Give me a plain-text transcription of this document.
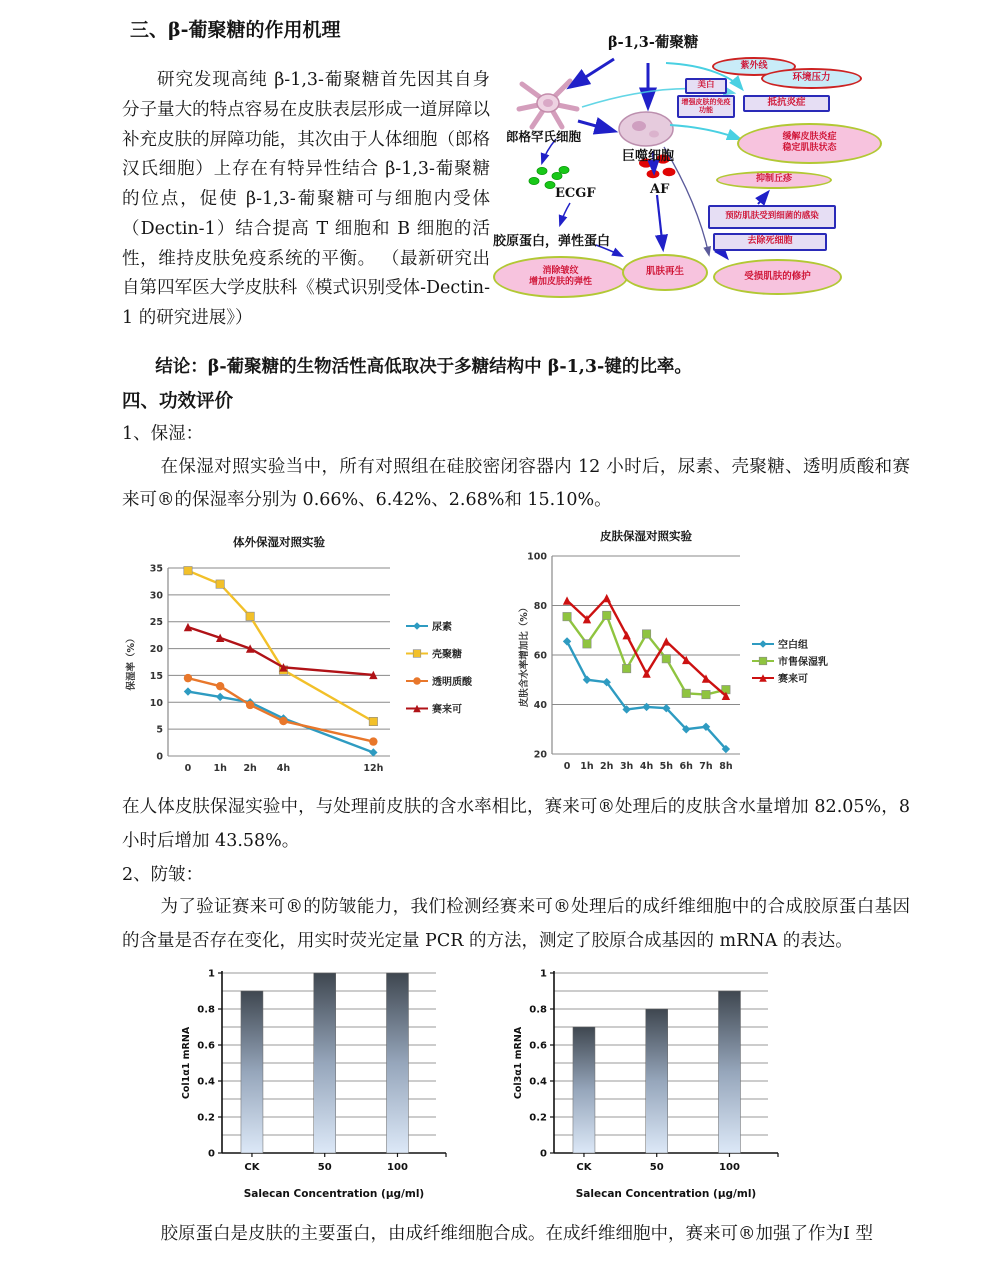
三、β-葡聚糖的作用机理

研究发现高纯 β-1,3-葡聚糖首先因其自身分子量大的特点容易在皮肤表层形成一道屏障以补充皮肤的屏障功能，其次由于人体细胞（郎格汉氏细胞）上存在有特异性结合 β-1,3-葡聚糖的位点，促使 β-1,3-葡聚糖可与细胞内受体（Dectin-1）结合提高 T 细胞和 B 细胞的活性，维持皮肤免疫系统的平衡。 （最新研究出自第四军医大学皮肤科《模式识别受体-Dectin-1 的研究进展》）

β-1,3-葡聚糖
郎格罕氏细胞
巨噬细胞
ECGF	AF
胶原蛋白，弹性蛋白
美白
增强皮肤的免疫功能
紫外线
环境压力
抵抗炎症
缓解皮肤炎症
稳定肌肤状态
抑制丘疹
预防肌肤受到细菌的感染
去除死细胞
受损肌肤的修护
消除皱纹
增加皮肤的弹性
肌肤再生

结论：β-葡聚糖的生物活性高低取决于多糖结构中 β-1,3-键的比率。

四、功效评价
1、保湿：

在保湿对照实验当中，所有对照组在硅胶密闭容器内 12 小时后，尿素、壳聚糖、透明质酸和赛来可®的保湿率分别为 0.66%、6.42%、2.68%和 15.10%。

体外保湿对照实验
0
5
10
15
20
25
30
35
0 1h 2h 4h	12h
保湿率（%）
尿素
壳聚糖
透明质酸
赛来可
皮肤保湿对照实验
20
40
60
80
100
0 1h 2h 3h 4h 5h 6h 7h 8h
皮肤含水率增加比（%）	空白组
市售保湿乳
赛来可

在人体皮肤保湿实验中，与处理前皮肤的含水率相比，赛来可®处理后的皮肤含水量增加 82.05%，8 小时后增加 43.58%。

2、防皱：

为了验证赛来可®的防皱能力，我们检测经赛来可®处理后的成纤维细胞中的合成胶原蛋白基因的含量是否存在变化，用实时荧光定量 PCR 的方法，测定了胶原合成基因的 mRNA 的表达。

0
0.2
0.4
0.6
0.8
1
CK	50	100
Salecan Concentration (μg/ml)
Col1α1 mRNA
0
0.2
0.4
0.6
0.8
1
CK	50	100
Salecan Concentration (μg/ml)
Col3α1 mRNA

胶原蛋白是皮肤的主要蛋白，由成纤维细胞合成。在成纤维细胞中，赛来可®加强了作为Ⅰ 型
